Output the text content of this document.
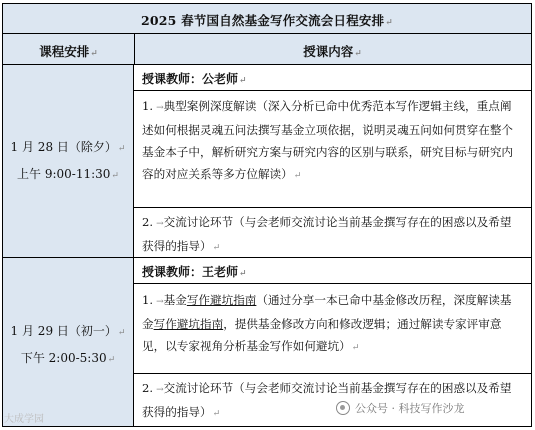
2025 春节国自然基金写作交流会日程安排↵
课程安排↵	授课内容↵
1 月 28 日（除夕）↵
上午 9:00-11:30↵
授课教师：公老师↵

1. →典型案例深度解读（深入分析已命中优秀范本写作逻辑主线，重点阐述如何根据灵魂五问法撰写基金立项依据，说明灵魂五问如何贯穿在整个基金本子中，解析研究方案与研究内容的区别与联系，研究目标与研究内容的对应关系等多方位解读）↵

2. →交流讨论环节（与会老师交流讨论当前基金撰写存在的困惑以及希望获得的指导）↵

1 月 29 日（初一）↵
下午 2:00-5:30↵
授课教师：王老师↵

1. →基金写作避坑指南（通过分享一本已命中基金修改历程，深度解读基金写作避坑指南，提供基金修改方向和修改逻辑；通过解读专家评审意见，以专家视角分析基金写作如何避坑）↵

2. →交流讨论环节（与会老师交流讨论当前基金撰写存在的困惑以及希望获得的指导）↵

大成学园
公众号 · 科技写作沙龙
